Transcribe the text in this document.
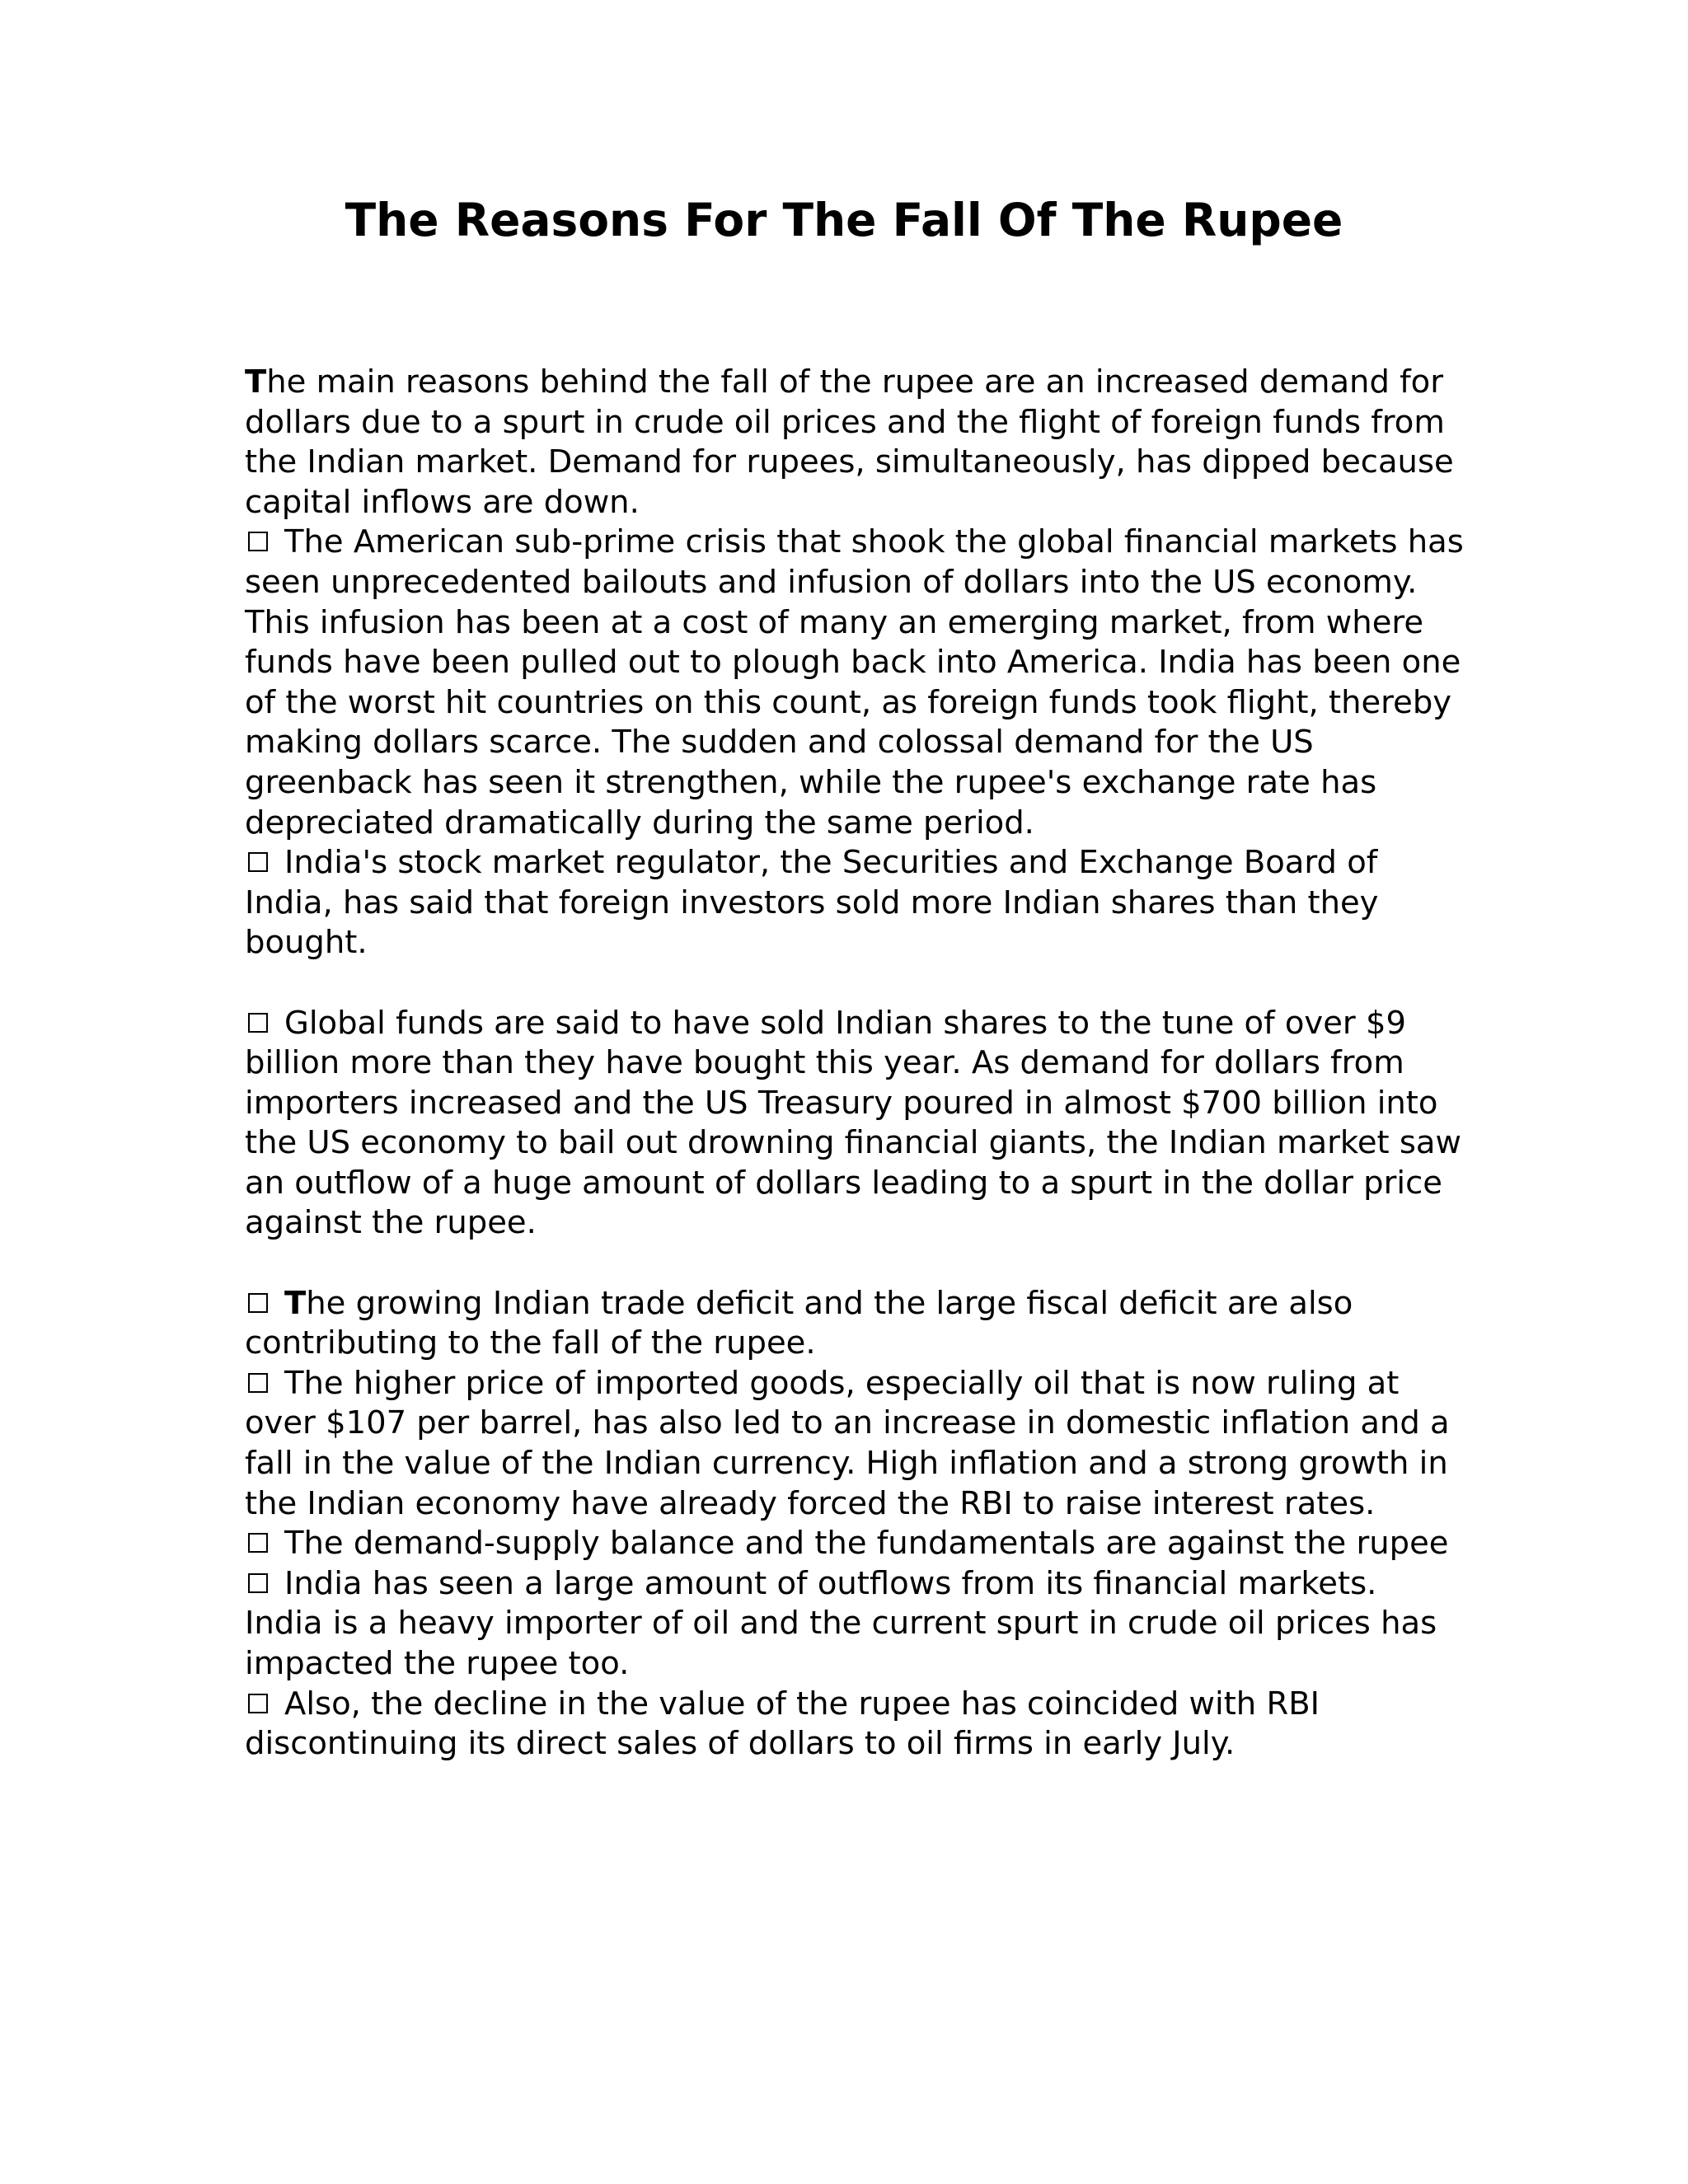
The Reasons For The Fall Of The Rupee

The main reasons behind the fall of the rupee are an increased demand for dollars due to a spurt in crude oil prices and the flight of foreign funds from the Indian market. Demand for rupees, simultaneously, has dipped because capital inflows are down.

The American sub-prime crisis that shook the global financial markets has seen unprecedented bailouts and infusion of dollars into the US economy. This infusion has been at a cost of many an emerging market, from where funds have been pulled out to plough back into America. India has been one of the worst hit countries on this count, as foreign funds took flight, thereby making dollars scarce. The sudden and colossal demand for the US greenback has seen it strengthen, while the rupee's exchange rate has depreciated dramatically during the same period.

India's stock market regulator, the Securities and Exchange Board of India, has said that foreign investors sold more Indian shares than they bought.

Global funds are said to have sold Indian shares to the tune of over $9 billion more than they have bought this year. As demand for dollars from importers increased and the US Treasury poured in almost $700 billion into the US economy to bail out drowning financial giants, the Indian market saw an outflow of a huge amount of dollars leading to a spurt in the dollar price against the rupee.

The growing Indian trade deficit and the large fiscal deficit are also contributing to the fall of the rupee.

The higher price of imported goods, especially oil that is now ruling at over $107 per barrel, has also led to an increase in domestic inflation and a fall in the value of the Indian currency. High inflation and a strong growth in the Indian economy have already forced the RBI to raise interest rates.

The demand-supply balance and the fundamentals are against the rupee

India has seen a large amount of outflows from its financial markets. India is a heavy importer of oil and the current spurt in crude oil prices has impacted the rupee too.

Also, the decline in the value of the rupee has coincided with RBI discontinuing its direct sales of dollars to oil firms in early July.
